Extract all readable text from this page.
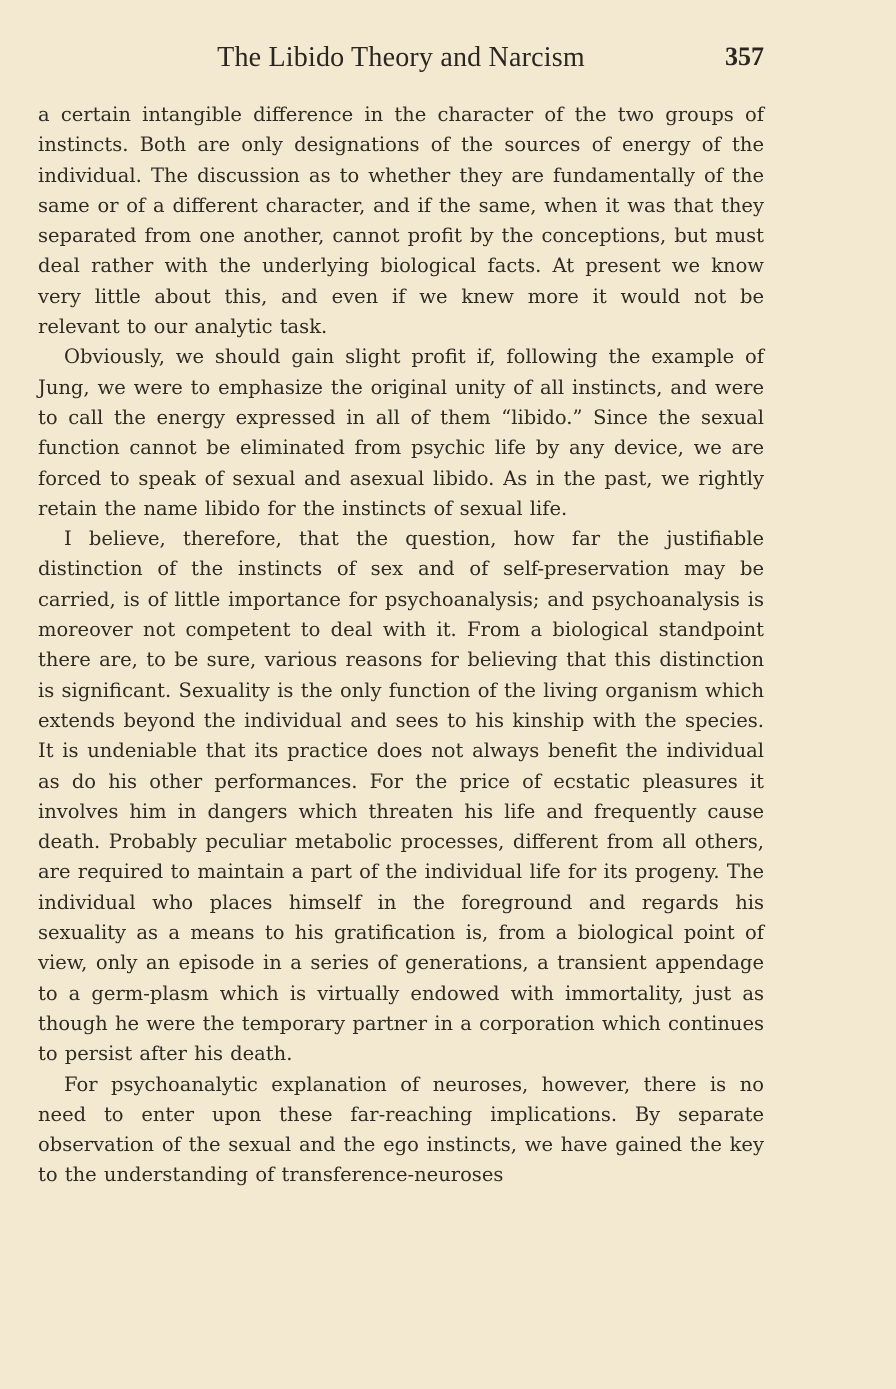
The Libido Theory and Narcism	357

a certain intangible difference in the character of the two groups of instincts. Both are only designations of the sources of energy of the individual. The discussion as to whether they are fundamentally of the same or of a different character, and if the same, when it was that they separated from one another, cannot profit by the conceptions, but must deal rather with the underlying biological facts. At present we know very little about this, and even if we knew more it would not be relevant to our analytic task.

Obviously, we should gain slight profit if, following the example of Jung, we were to emphasize the original unity of all instincts, and were to call the energy expressed in all of them “libido.” Since the sexual function cannot be eliminated from psychic life by any device, we are forced to speak of sexual and asexual libido. As in the past, we rightly retain the name libido for the instincts of sexual life.

I believe, therefore, that the question, how far the justifiable distinction of the instincts of sex and of self-preservation may be carried, is of little importance for psychoanalysis; and psychoanalysis is moreover not competent to deal with it. From a biological standpoint there are, to be sure, various reasons for believing that this distinction is significant. Sexuality is the only function of the living organism which extends beyond the individual and sees to his kinship with the species. It is undeniable that its practice does not always benefit the individual as do his other performances. For the price of ecstatic pleasures it involves him in dangers which threaten his life and frequently cause death. Probably peculiar metabolic processes, different from all others, are required to maintain a part of the individual life for its progeny. The individual who places himself in the foreground and regards his sexuality as a means to his gratification is, from a biological point of view, only an episode in a series of generations, a transient appendage to a germ-plasm which is virtually endowed with immortality, just as though he were the temporary partner in a corporation which continues to persist after his death.

For psychoanalytic explanation of neuroses, however, there is no need to enter upon these far-reaching implications. By separate observation of the sexual and the ego instincts, we have gained the key to the understanding of transference-neuroses
